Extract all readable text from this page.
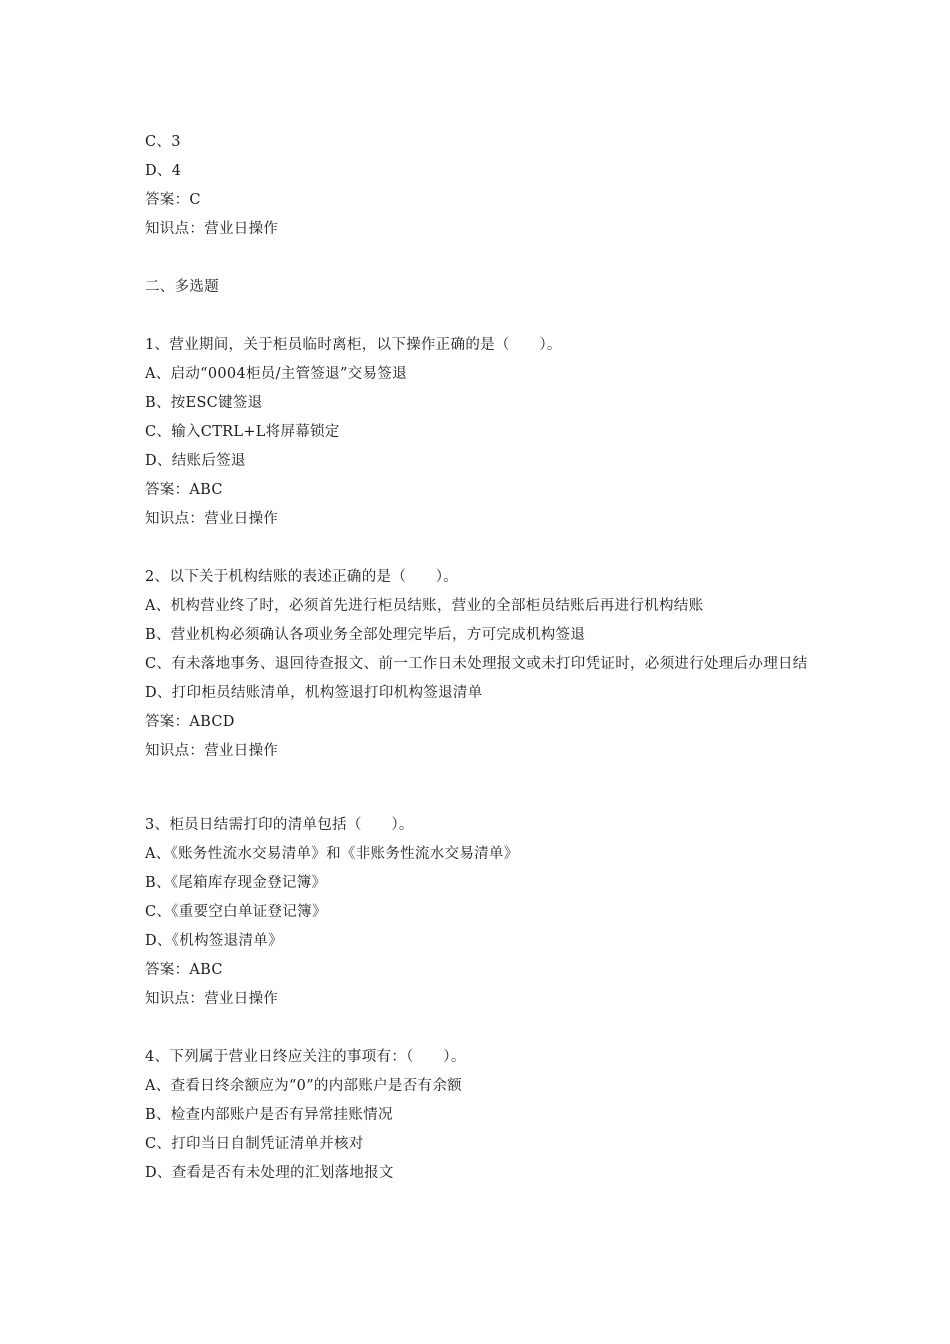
C、3
D、4
答案：C
知识点：营业日操作
二、多选题
1、营业期间，关于柜员临时离柜，以下操作正确的是（　　）。
A、启动“0004柜员/主管签退”交易签退
B、按ESC键签退
C、输入CTRL+L将屏幕锁定
D、结账后签退
答案：ABC
知识点：营业日操作
2、以下关于机构结账的表述正确的是（　　）。
A、机构营业终了时，必须首先进行柜员结账，营业的全部柜员结账后再进行机构结账
B、营业机构必须确认各项业务全部处理完毕后，方可完成机构签退
C、有未落地事务、退回待查报文、前一工作日未处理报文或未打印凭证时，必须进行处理后办理日结
D、打印柜员结账清单，机构签退打印机构签退清单
答案：ABCD
知识点：营业日操作
3、柜员日结需打印的清单包括（　　）。
A、《账务性流水交易清单》和《非账务性流水交易清单》
B、《尾箱库存现金登记簿》
C、《重要空白单证登记簿》
D、《机构签退清单》
答案：ABC
知识点：营业日操作
4、下列属于营业日终应关注的事项有：（　　）。
A、查看日终余额应为“0”的内部账户是否有余额
B、检查内部账户是否有异常挂账情况
C、打印当日自制凭证清单并核对
D、查看是否有未处理的汇划落地报文
